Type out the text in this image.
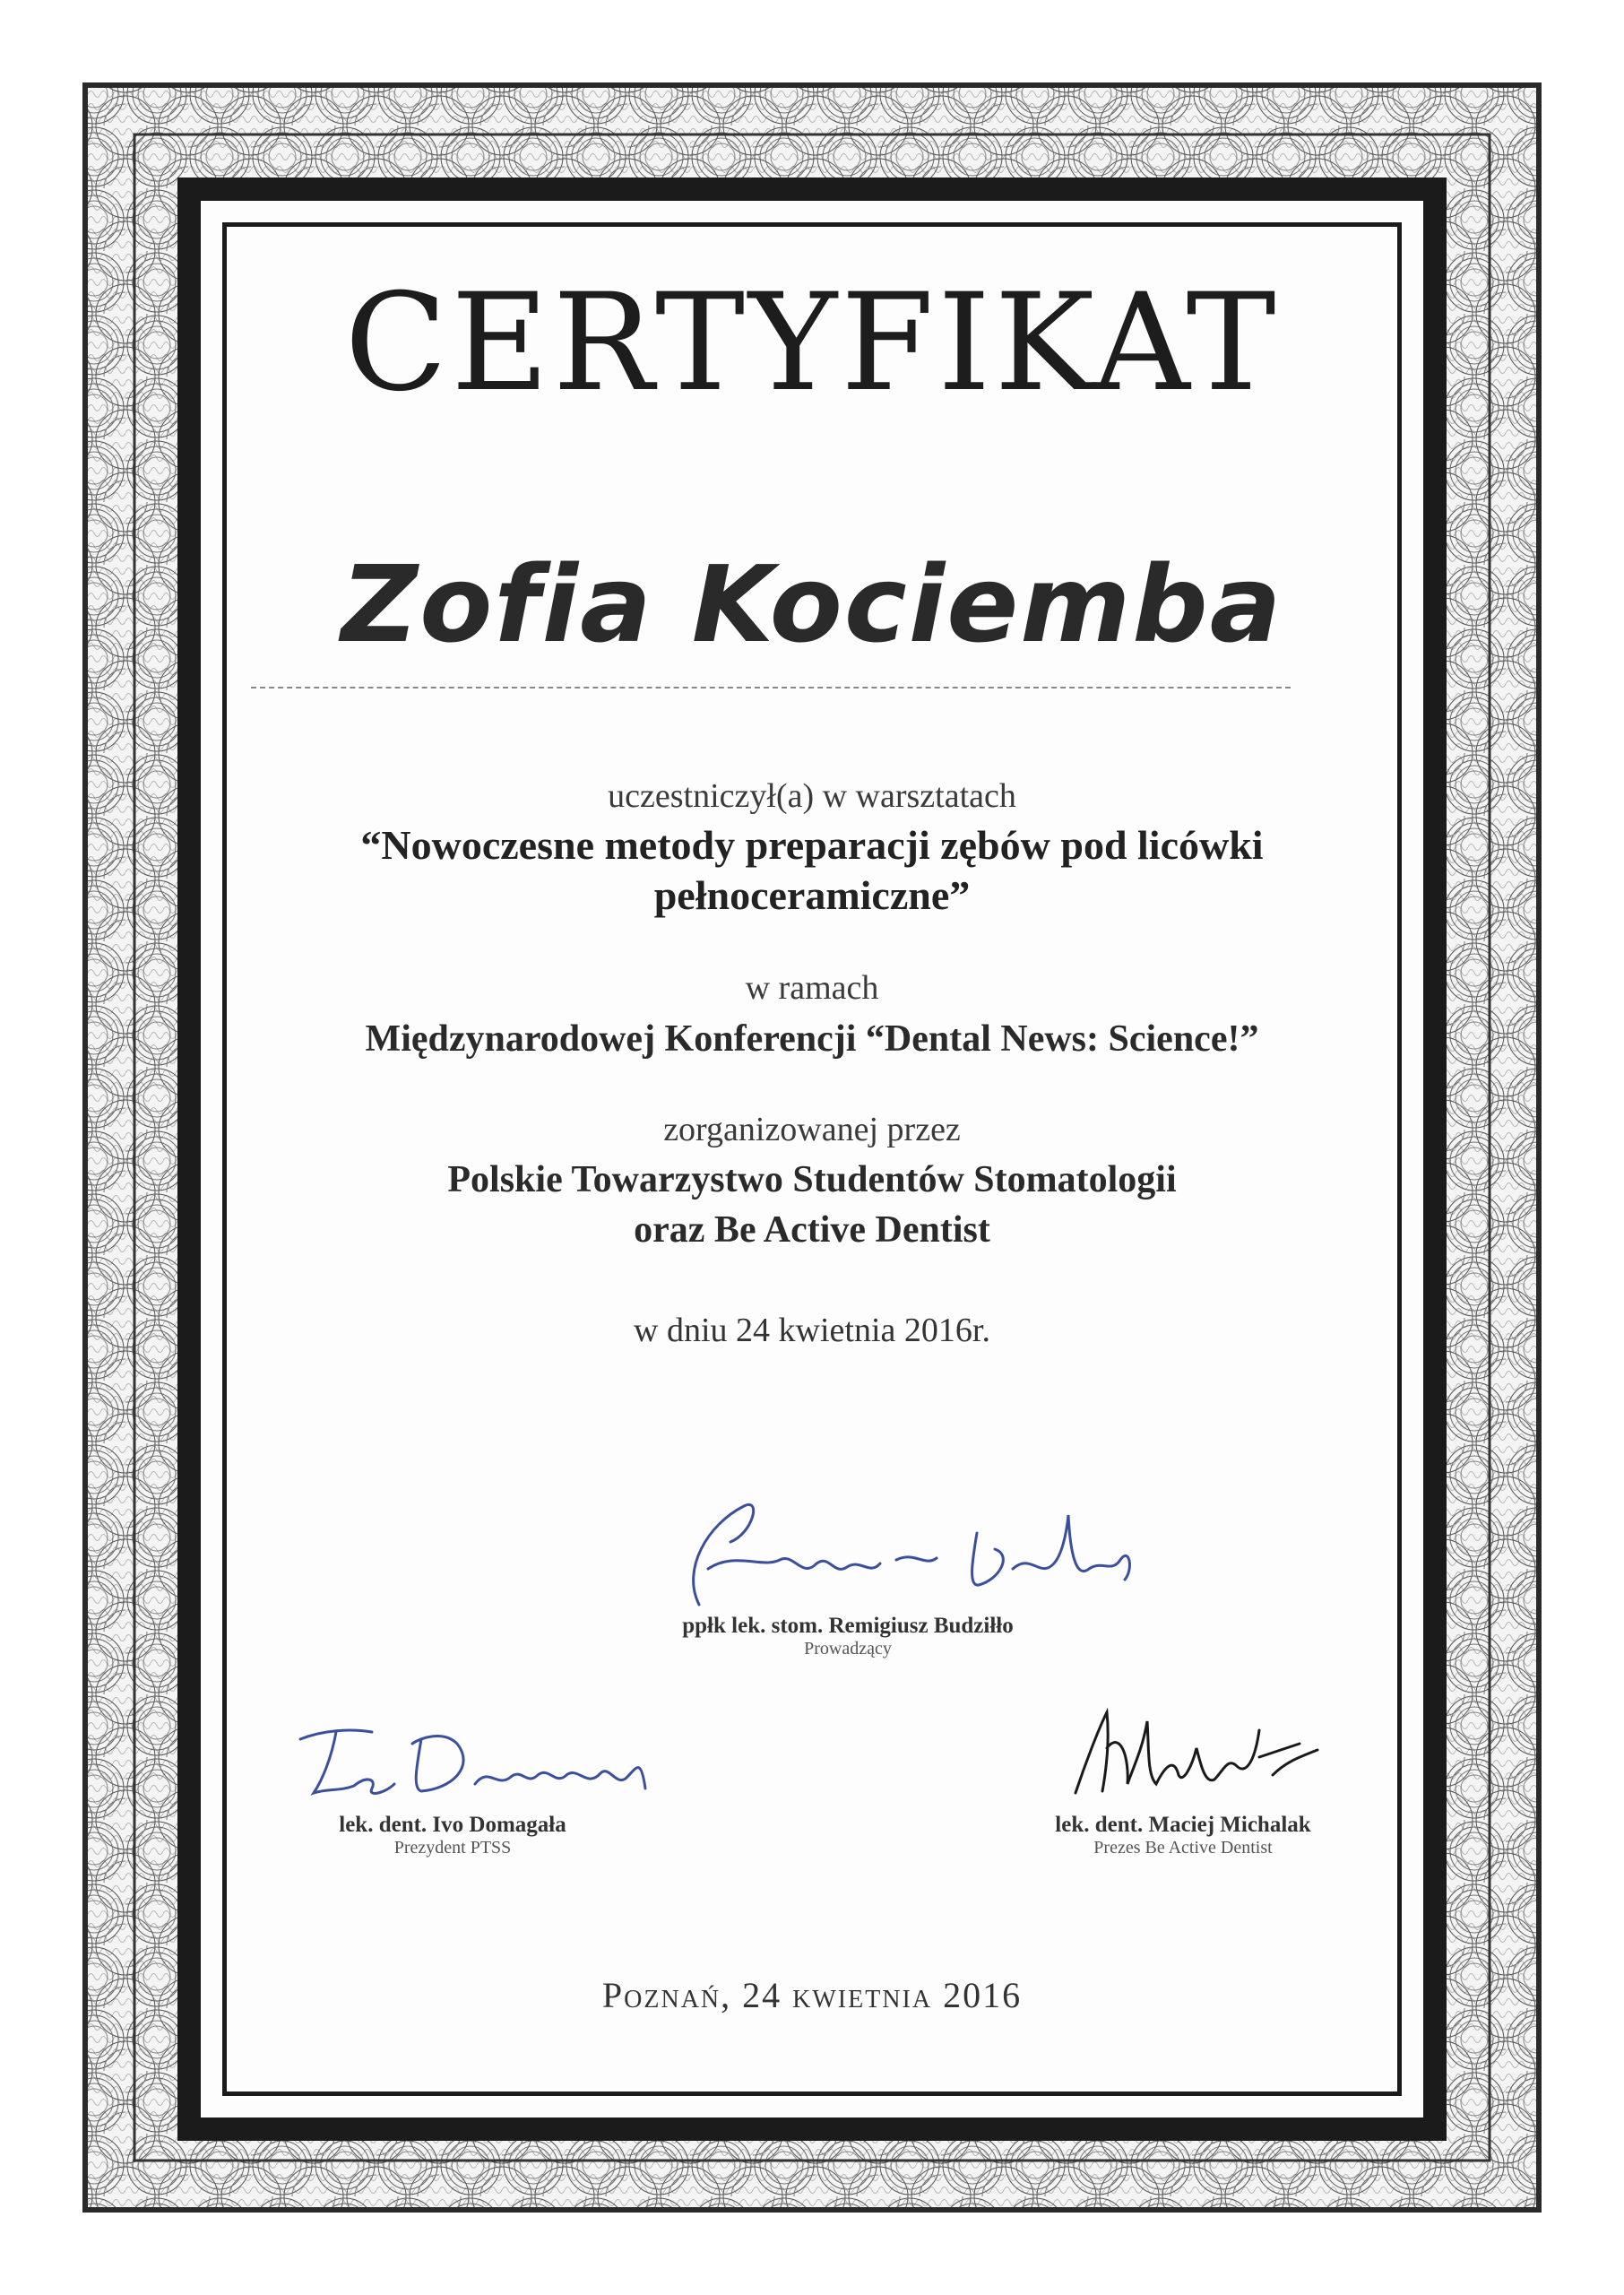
CERTYFIKAT
Zofia Kociemba
uczestniczył(a) w warsztatach
“Nowoczesne metody preparacji zębów pod licówki
pełnoceramiczne”
w ramach
Międzynarodowej Konferencji “Dental News: Science!”
zorganizowanej przez
Polskie Towarzystwo Studentów Stomatologii
oraz Be Active Dentist
w dniu 24 kwietnia 2016r.
ppłk lek. stom. Remigiusz Budziłło
Prowadzący
lek. dent. Ivo Domagała
Prezydent PTSS
lek. dent. Maciej Michalak
Prezes Be Active Dentist
Poznań, 24 kwietnia 2016
